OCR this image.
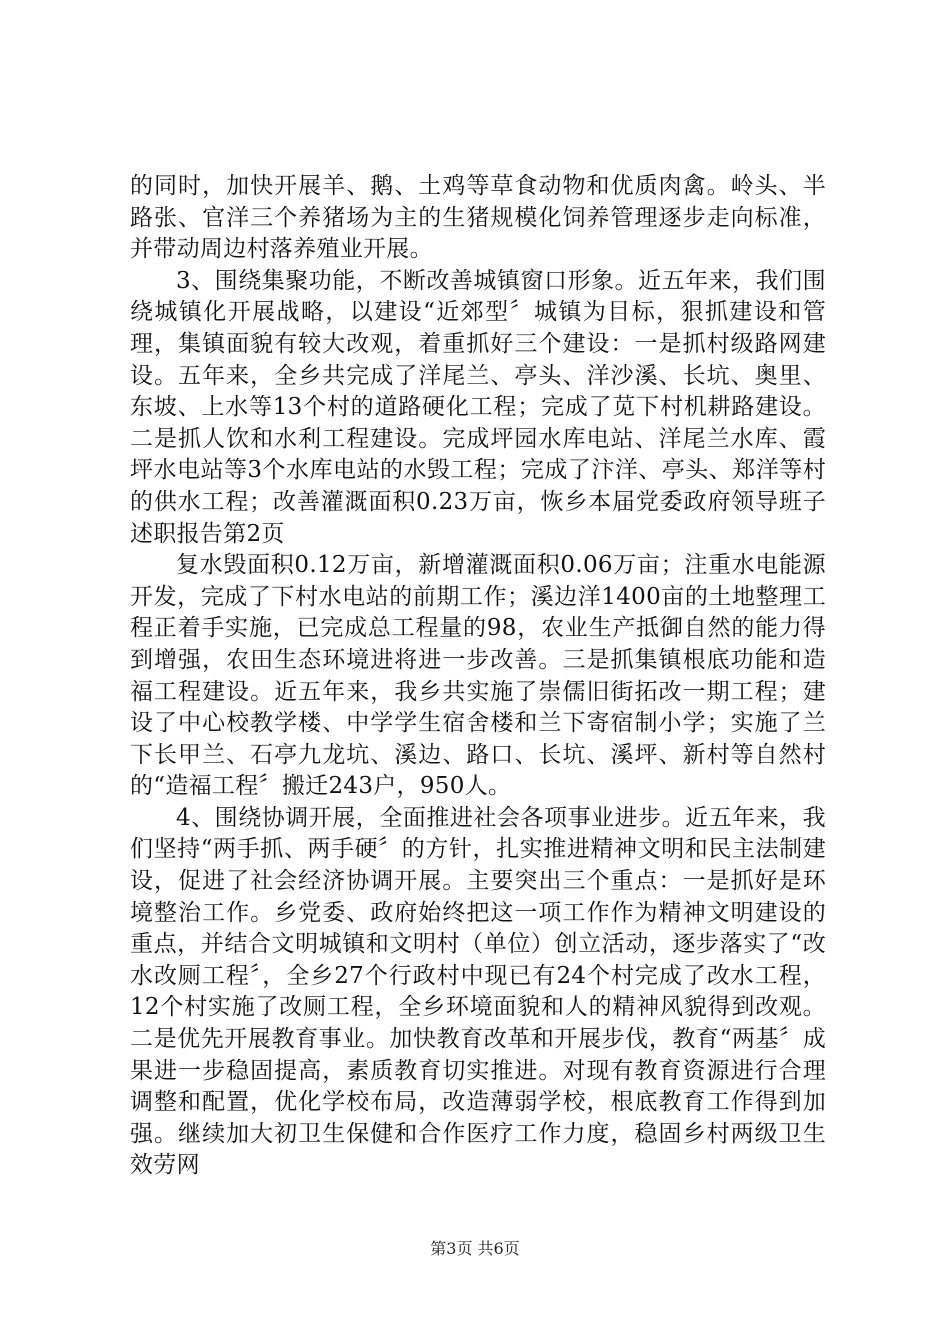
的同时，加快开展羊、鹅、土鸡等草食动物和优质肉禽。岭头、半路张、官洋三个养猪场为主的生猪规模化饲养管理逐步走向标准，并带动周边村落养殖业开展。

3、围绕集聚功能，不断改善城镇窗口形象。近五年来，我们围绕城镇化开展战略，以建设“近郊型〞城镇为目标，狠抓建设和管理，集镇面貌有较大改观，着重抓好三个建设：一是抓村级路网建设。五年来，全乡共完成了洋尾兰、亭头、洋沙溪、长坑、奥里、东坡、上水等13个村的道路硬化工程；完成了苋下村机耕路建设。二是抓人饮和水利工程建设。完成坪园水库电站、洋尾兰水库、霞坪水电站等3个水库电站的水毁工程；完成了汴洋、亭头、郑洋等村的供水工程；改善灌溉面积0.23万亩，恢乡本届党委政府领导班子述职报告第2页

复水毁面积0.12万亩，新增灌溉面积0.06万亩；注重水电能源开发，完成了下村水电站的前期工作；溪边洋1400亩的土地整理工程正着手实施，已完成总工程量的98，农业生产抵御自然的能力得到增强，农田生态环境进将进一步改善。三是抓集镇根底功能和造福工程建设。近五年来，我乡共实施了崇儒旧街拓改一期工程；建设了中心校教学楼、中学学生宿舍楼和兰下寄宿制小学；实施了兰下长甲兰、石亭九龙坑、溪边、路口、长坑、溪坪、新村等自然村的“造福工程〞搬迁243户，950人。

4、围绕协调开展，全面推进社会各项事业进步。近五年来，我们坚持“两手抓、两手硬〞的方针，扎实推进精神文明和民主法制建设，促进了社会经济协调开展。主要突出三个重点：一是抓好是环境整治工作。乡党委、政府始终把这一项工作作为精神文明建设的重点，并结合文明城镇和文明村（单位）创立活动，逐步落实了“改水改厕工程〞，全乡27个行政村中现已有24个村完成了改水工程，12个村实施了改厕工程，全乡环境面貌和人的精神风貌得到改观。二是优先开展教育事业。加快教育改革和开展步伐，教育“两基〞成果进一步稳固提高，素质教育切实推进。对现有教育资源进行合理调整和配置，优化学校布局，改造薄弱学校，根底教育工作得到加强。继续加大初卫生保健和合作医疗工作力度，稳固乡村两级卫生效劳网

第3页 共6页
